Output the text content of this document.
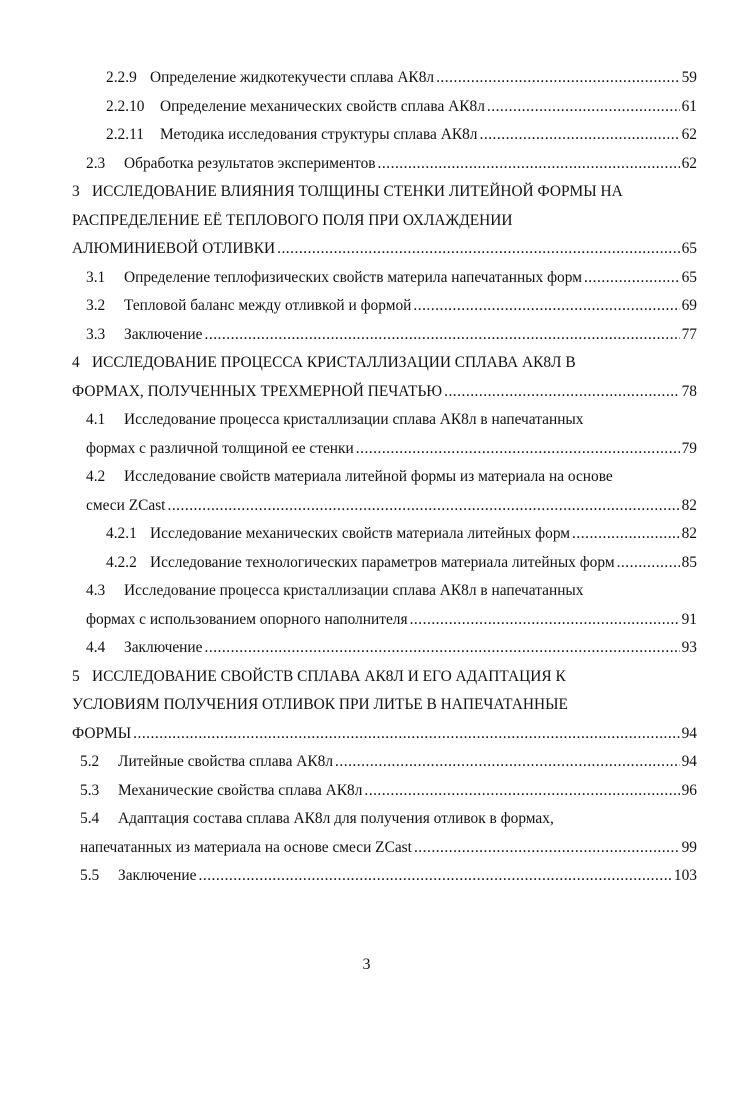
2.2.9 Определение жидкотекучести сплава АК8л .....	59
2.2.10 Определение механических свойств сплава АК8л .....	61
2.2.11 Методика исследования структуры сплава АК8л .....	62
2.3 Обработка результатов экспериментов .....	62
3 ИССЛЕДОВАНИЕ ВЛИЯНИЯ ТОЛЩИНЫ СТЕНКИ ЛИТЕЙНОЙ ФОРМЫ НА
РАСПРЕДЕЛЕНИЕ ЕЁ ТЕПЛОВОГО ПОЛЯ ПРИ ОХЛАЖДЕНИИ
АЛЮМИНИЕВОЙ ОТЛИВКИ .....	65
3.1 Определение теплофизических свойств материла напечатанных форм .....	65
3.2 Тепловой баланс между отливкой и формой .....	69
3.3 Заключение .....	77
4 ИССЛЕДОВАНИЕ ПРОЦЕССА КРИСТАЛЛИЗАЦИИ СПЛАВА АК8Л В
ФОРМАХ, ПОЛУЧЕННЫХ ТРЕХМЕРНОЙ ПЕЧАТЬЮ .....	78
4.1 Исследование процесса кристаллизации сплава АК8л в напечатанных
формах с различной толщиной ее стенки .....	79
4.2 Исследование свойств материала литейной формы из материала на основе
смеси ZCast .....	82
4.2.1 Исследование механических свойств материала литейных форм .....	82
4.2.2 Исследование технологических параметров материала литейных форм .....	85
4.3 Исследование процесса кристаллизации сплава АК8л в напечатанных
формах с использованием опорного наполнителя .....	91
4.4 Заключение .....	93
5 ИССЛЕДОВАНИЕ СВОЙСТВ СПЛАВА АК8Л И ЕГО АДАПТАЦИЯ К
УСЛОВИЯМ ПОЛУЧЕНИЯ ОТЛИВОК ПРИ ЛИТЬЕ В НАПЕЧАТАННЫЕ
ФОРМЫ .....	94
5.2 Литейные свойства сплава АК8л .....	94
5.3 Механические свойства сплава АК8л .....	96
5.4 Адаптация состава сплава АК8л для получения отливок в формах,
напечатанных из материала на основе смеси ZCast .....	99
5.5 Заключение .....	103
3
